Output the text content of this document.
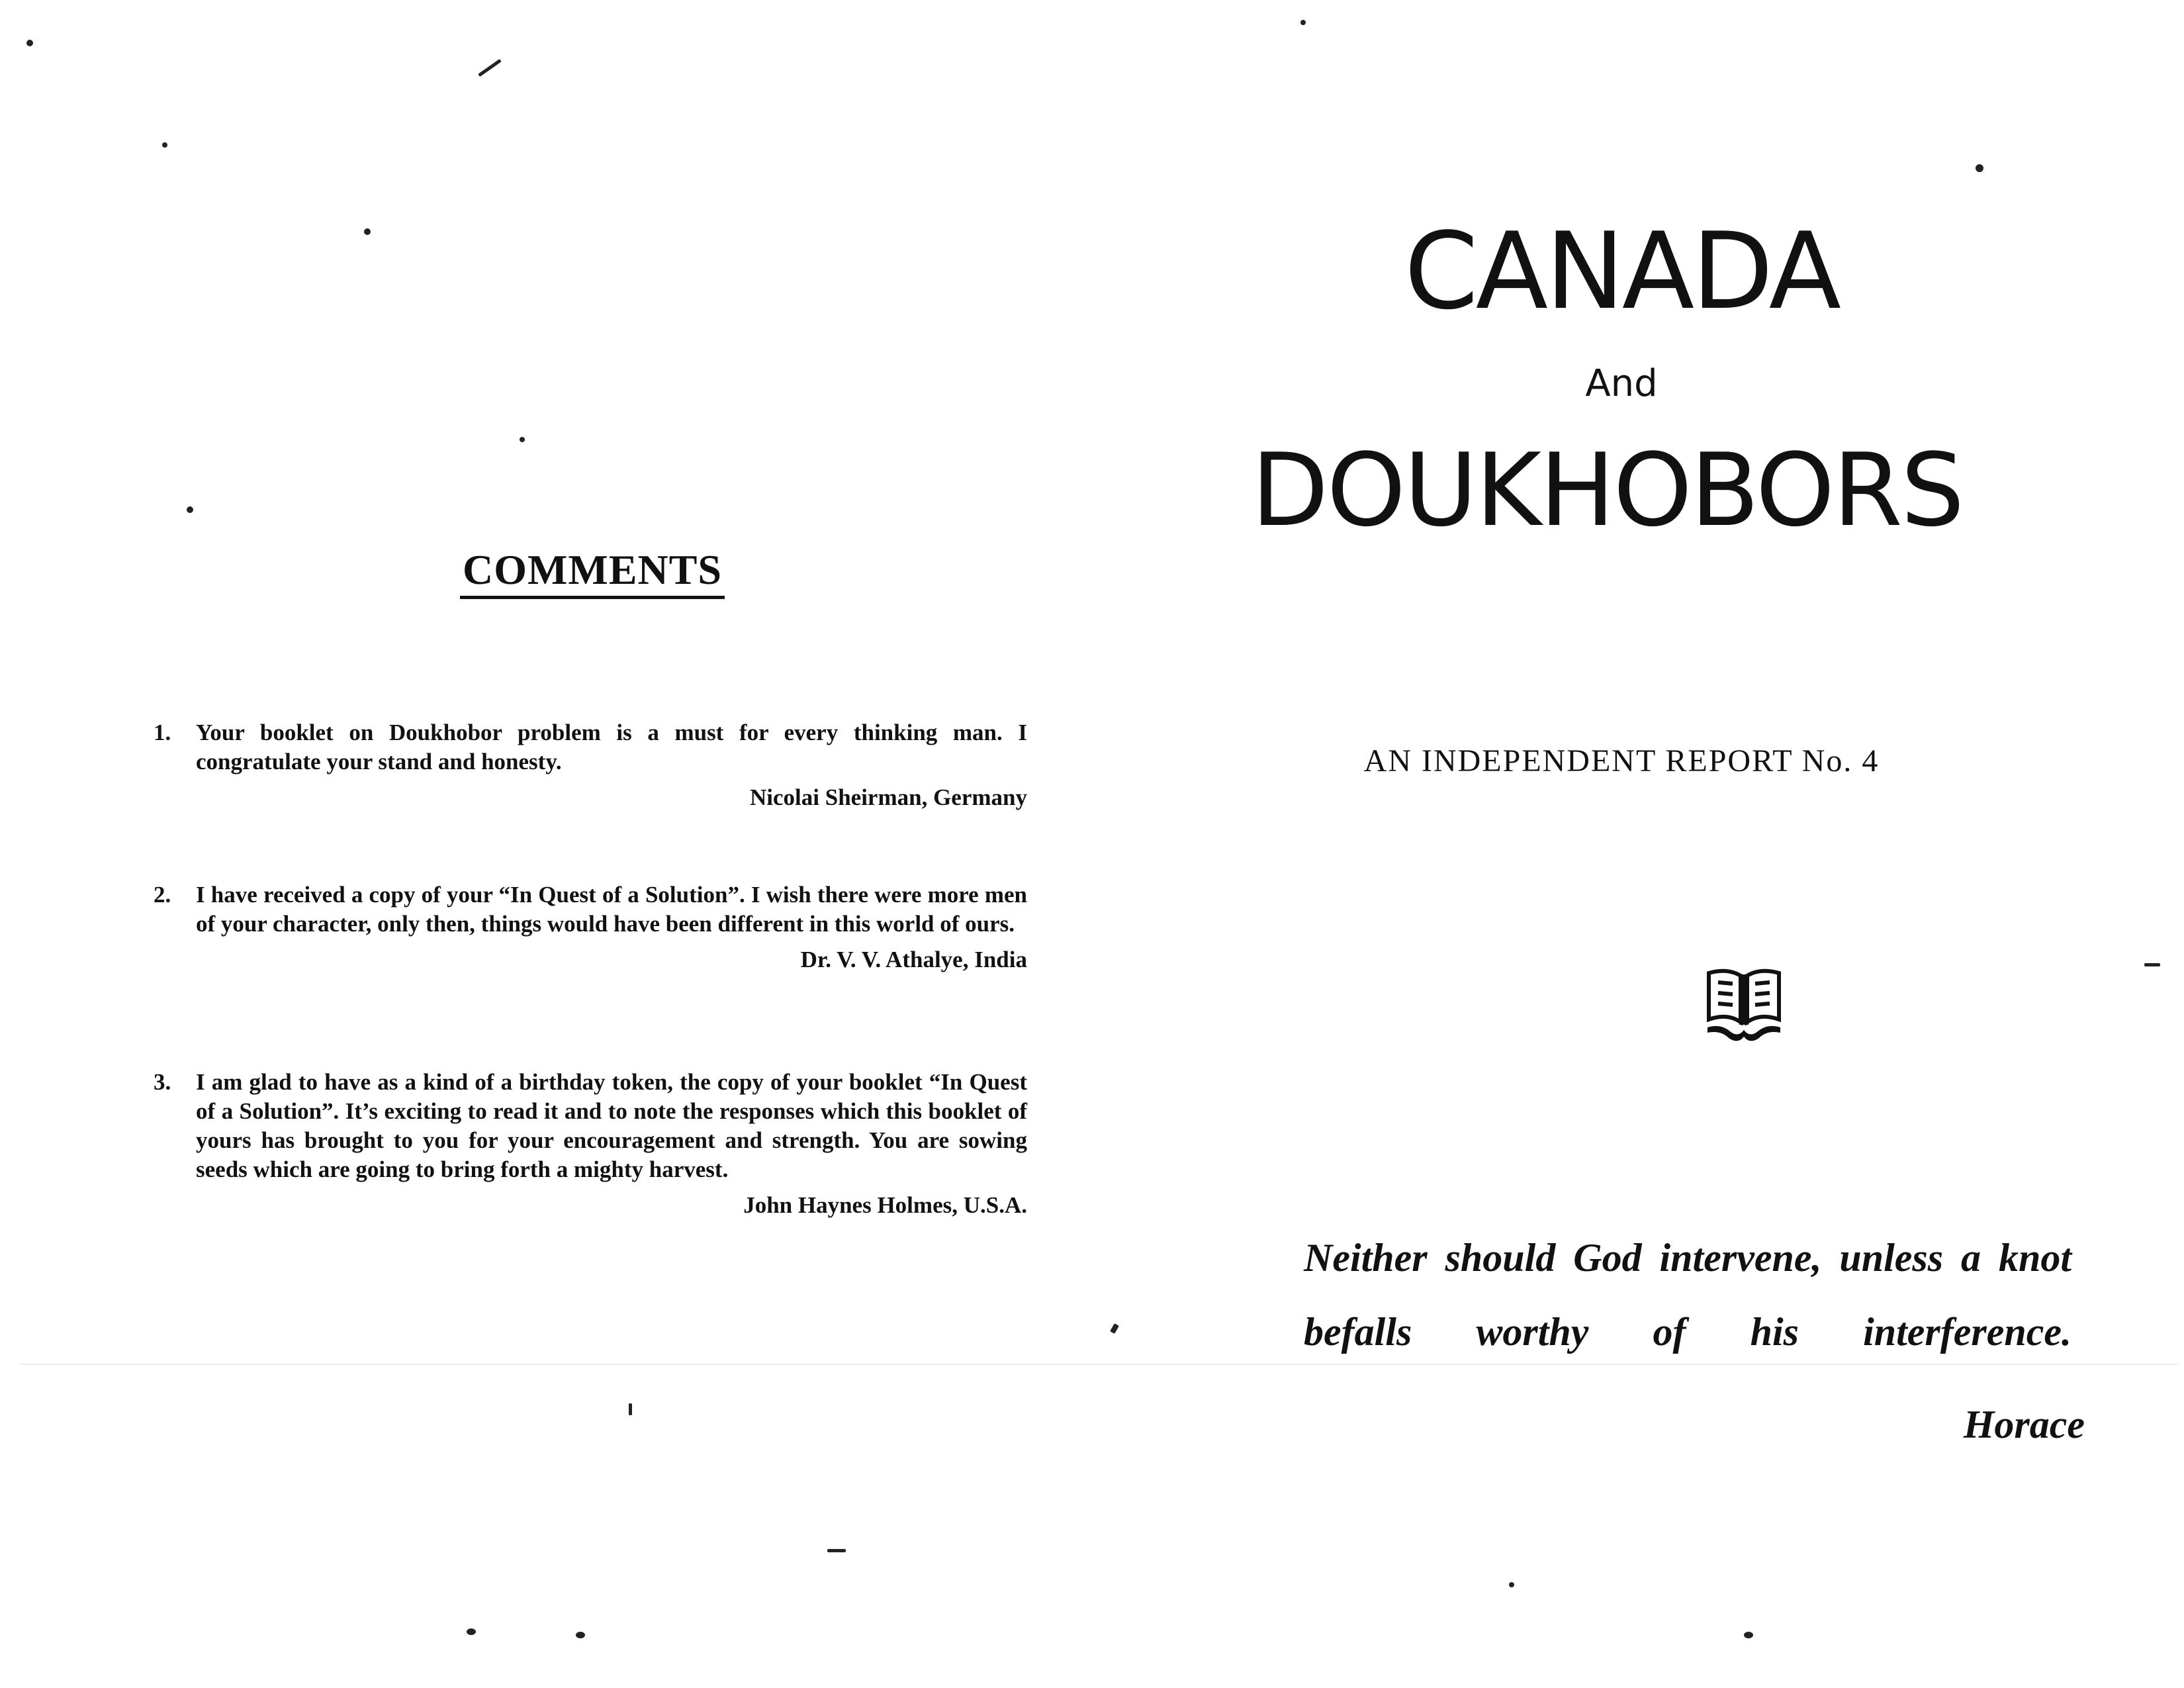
COMMENTS
1.	Your booklet on Doukhobor problem is a must for every thinking man. I congratulate your stand and honesty.
Nicolai Sheirman, Germany
2.	I have received a copy of your “In Quest of a Solution”. I wish there were more men of your character, only then, things would have been different in this world of ours.
Dr. V. V. Athalye, India
3.	I am glad to have as a kind of a birthday token, the copy of your booklet “In Quest of a Solution”. It’s exciting to read it and to note the responses which this booklet of yours has brought to you for your encouragement and strength. You are sowing seeds which are going to bring forth a mighty harvest.
John Haynes Holmes, U.S.A.
CANADA
And
DOUKHOBORS
AN INDEPENDENT REPORT No. 4
Neither should God intervene, unless a knot befalls worthy of his interference.
Horace
